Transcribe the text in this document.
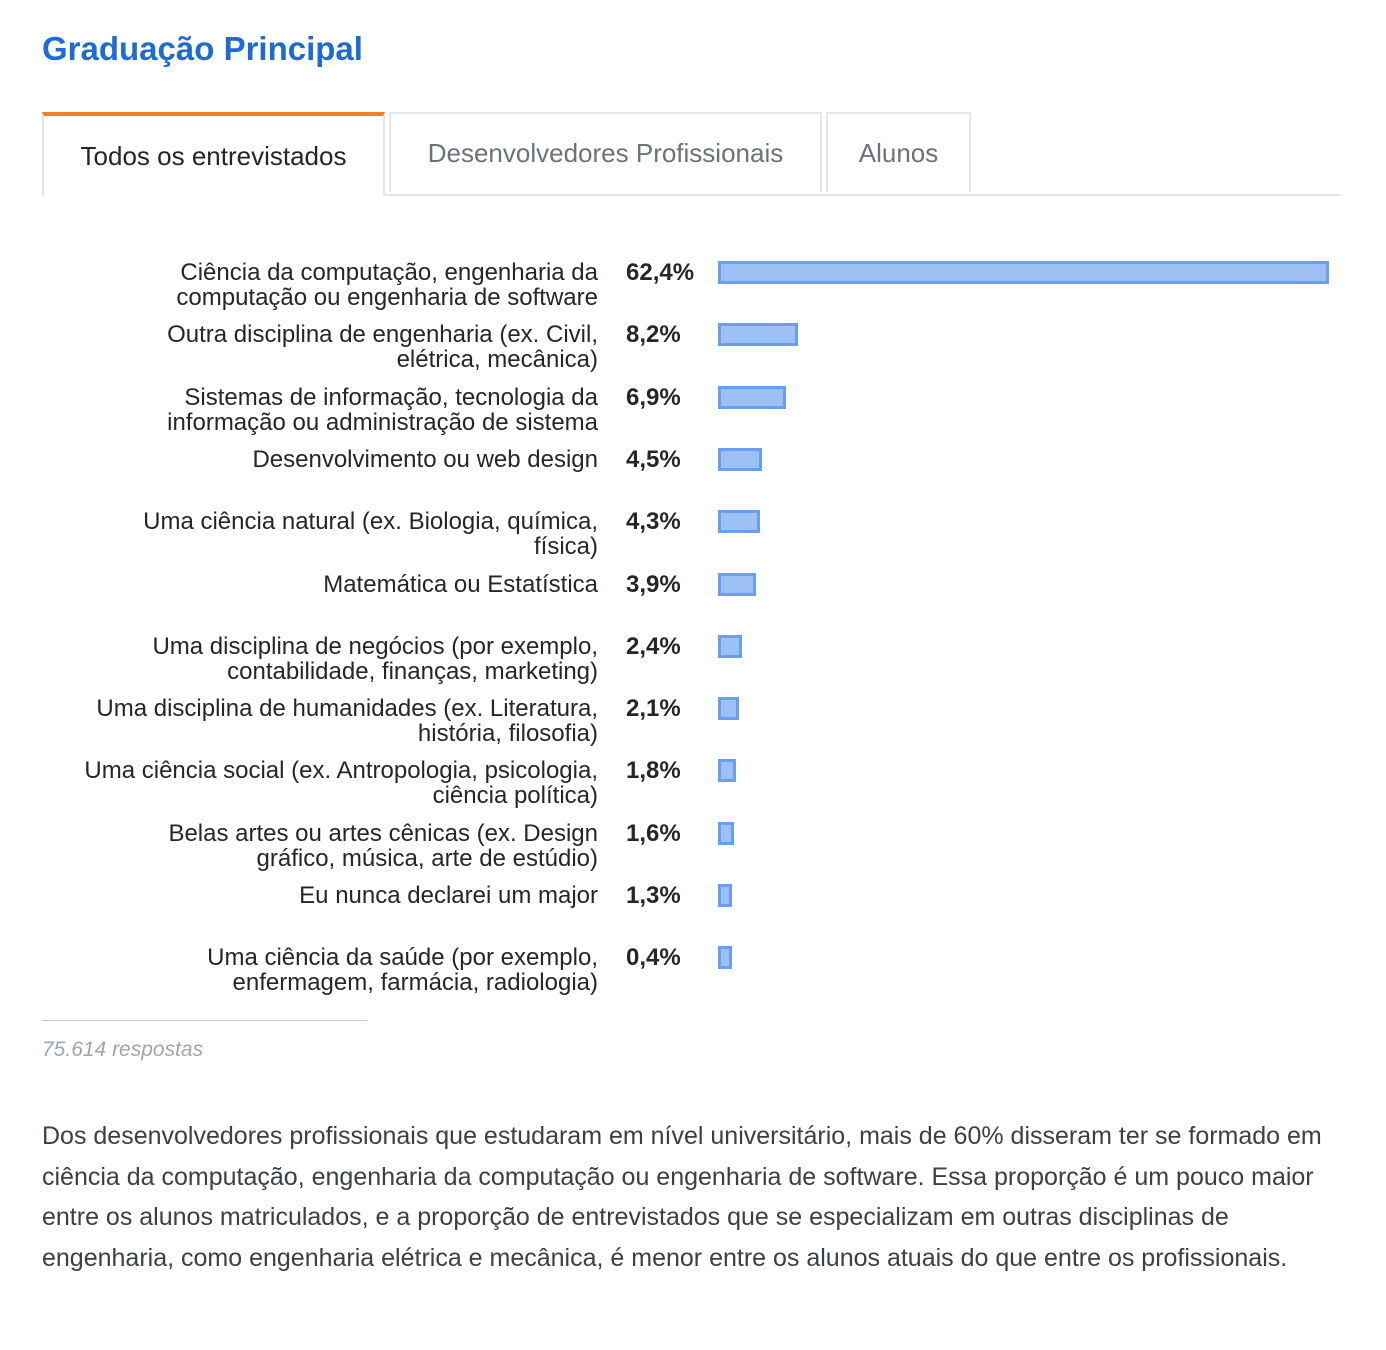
Graduação Principal
Todos os entrevistados	Desenvolvedores Profissionais	Alunos
Ciência da computação, engenharia da
computação ou engenharia de software
62,4%
Outra disciplina de engenharia (ex. Civil,
elétrica, mecânica)
8,2%
Sistemas de informação, tecnologia da
informação ou administração de sistema
6,9%
Desenvolvimento ou web design 4,5%
Uma ciência natural (ex. Biologia, química,
física)
4,3%
Matemática ou Estatística 3,9%
Uma disciplina de negócios (por exemplo,
contabilidade, finanças, marketing)
2,4%
Uma disciplina de humanidades (ex. Literatura,
história, filosofia)
2,1%
Uma ciência social (ex. Antropologia, psicologia,
ciência política)
1,8%
Belas artes ou artes cênicas (ex. Design
gráfico, música, arte de estúdio)
1,6%
Eu nunca declarei um major 1,3%
Uma ciência da saúde (por exemplo,
enfermagem, farmácia, radiologia)
0,4%
75.614 respostas

Dos desenvolvedores profissionais que estudaram em nível universitário, mais de 60% disseram ter se formado em ciência da computação, engenharia da computação ou engenharia de software. Essa proporção é um pouco maior entre os alunos matriculados, e a proporção de entrevistados que se especializam em outras disciplinas de engenharia, como engenharia elétrica e mecânica, é menor entre os alunos atuais do que entre os profissionais.
